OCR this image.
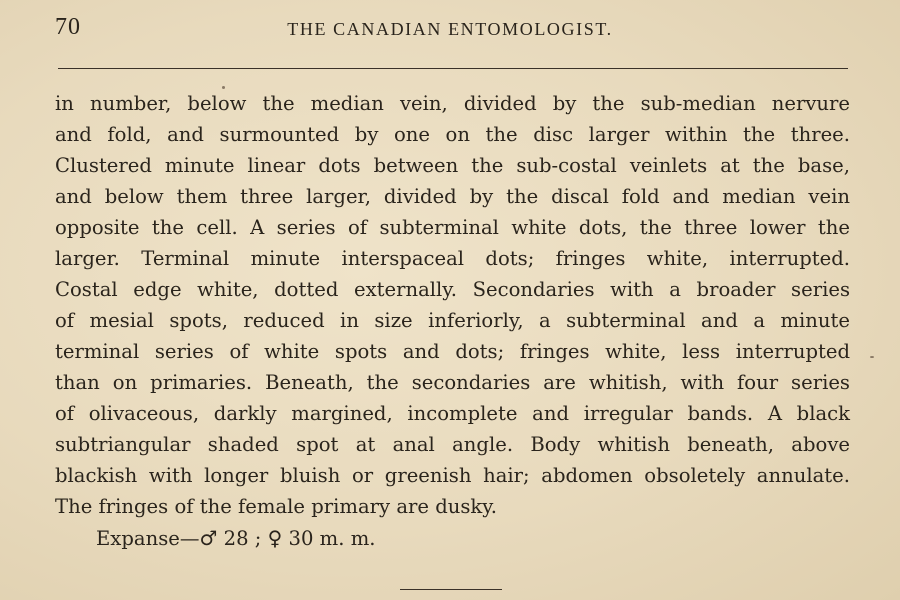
70	THE CANADIAN ENTOMOLOGIST.
in number, below the median vein, divided by the sub-median nervure
and fold, and surmounted by one on the disc larger within the three.
Clustered minute linear dots between the sub-costal veinlets at the base,
and below them three larger, divided by the discal fold and median vein
opposite the cell. A series of subterminal white dots, the three lower the
larger. Terminal minute interspaceal dots; fringes white, interrupted.
Costal edge white, dotted externally. Secondaries with a broader series
of mesial spots, reduced in size inferiorly, a subterminal and a minute
terminal series of white spots and dots; fringes white, less interrupted
than on primaries. Beneath, the secondaries are whitish, with four series
of olivaceous, darkly margined, incomplete and irregular bands. A black
subtriangular shaded spot at anal angle. Body whitish beneath, above
blackish with longer bluish or greenish hair; abdomen obsoletely annulate.
The fringes of the female primary are dusky.
Expanse—♂ 28 ; ♀ 30 m. m.
